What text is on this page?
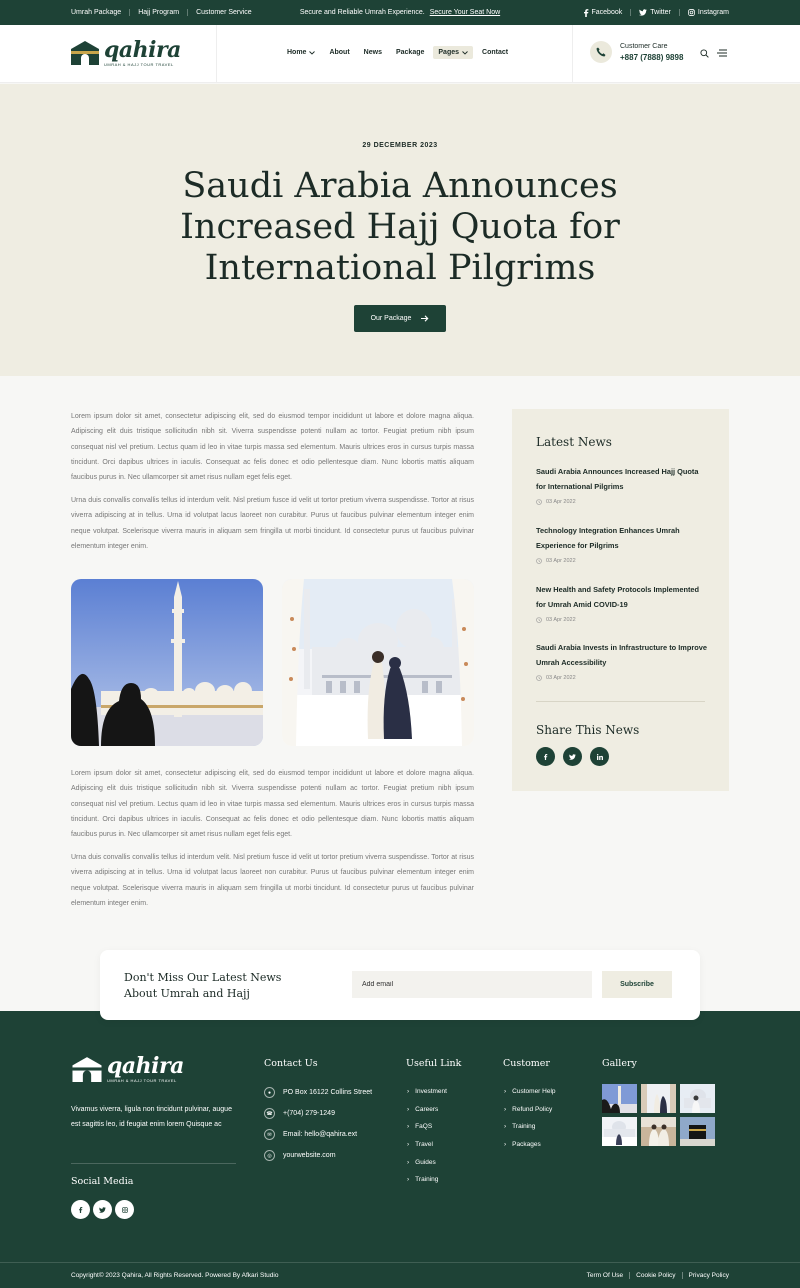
Umrah Package	Hajj Program	Customer Service	Secure and Reliable Umrah Experience. Secure Your Seat Now	Facebook	Twitter	Instagram
qahira
UMRAH & HAJJ TOUR TRAVEL
Home	About	News	Package	Pages	Contact
Customer Care
+887 (7888) 9898
29 DECEMBER 2023
Saudi Arabia Announces Increased Hajj Quota for International Pilgrims
Our Package

Lorem ipsum dolor sit amet, consectetur adipiscing elit, sed do eiusmod tempor incididunt ut labore et dolore magna aliqua. Adipiscing elit duis tristique sollicitudin nibh sit. Viverra suspendisse potenti nullam ac tortor. Feugiat pretium nibh ipsum consequat nisl vel pretium. Lectus quam id leo in vitae turpis massa sed elementum. Mauris ultrices eros in cursus turpis massa tincidunt. Orci dapibus ultrices in iaculis. Consequat ac felis donec et odio pellentesque diam. Nunc lobortis mattis aliquam faucibus purus in. Nec ullamcorper sit amet risus nullam eget felis eget.

Urna duis convallis convallis tellus id interdum velit. Nisl pretium fusce id velit ut tortor pretium viverra suspendisse. Tortor at risus viverra adipiscing at in tellus. Urna id volutpat lacus laoreet non curabitur. Purus ut faucibus pulvinar elementum integer enim neque volutpat. Scelerisque viverra mauris in aliquam sem fringilla ut morbi tincidunt. Id consectetur purus ut faucibus pulvinar elementum integer enim.

Lorem ipsum dolor sit amet, consectetur adipiscing elit, sed do eiusmod tempor incididunt ut labore et dolore magna aliqua. Adipiscing elit duis tristique sollicitudin nibh sit. Viverra suspendisse potenti nullam ac tortor. Feugiat pretium nibh ipsum consequat nisl vel pretium. Lectus quam id leo in vitae turpis massa sed elementum. Mauris ultrices eros in cursus turpis massa tincidunt. Orci dapibus ultrices in iaculis. Consequat ac felis donec et odio pellentesque diam. Nunc lobortis mattis aliquam faucibus purus in. Nec ullamcorper sit amet risus nullam eget felis eget.

Urna duis convallis convallis tellus id interdum velit. Nisl pretium fusce id velit ut tortor pretium viverra suspendisse. Tortor at risus viverra adipiscing at in tellus. Urna id volutpat lacus laoreet non curabitur. Purus ut faucibus pulvinar elementum integer enim neque volutpat. Scelerisque viverra mauris in aliquam sem fringilla ut morbi tincidunt. Id consectetur purus ut faucibus pulvinar elementum integer enim.

Latest News
Saudi Arabia Announces Increased Hajj Quota for International Pilgrims
03 Apr 2022
Technology Integration Enhances Umrah Experience for Pilgrims
03 Apr 2022
New Health and Safety Protocols Implemented for Umrah Amid COVID-19
03 Apr 2022
Saudi Arabia Invests in Infrastructure to Improve Umrah Accessibility
03 Apr 2022
Share This News
Don't Miss Our Latest News About Umrah and Hajj
Add email
Subscribe
qahira
UMRAH & HAJJ TOUR TRAVEL

Vivamus viverra, ligula non tincidunt pulvinar, augue est sagittis leo, id feugiat enim lorem Quisque ac

Social Media
Contact Us
●	PO Box 16122 Collins Street
☎	+(704) 279-1249
✉	Email: hello@qahira.ext
◎	yourwebsite.com
Useful Link
› Investment
› Careers
› FaQS
› Travel
› Guides
› Training
Customer
› Customer Help
› Refund Policy
› Training
› Packages
Gallery
Copyright© 2023 Qahira, All Rights Reserved. Powered By Afkari Studio	Term Of Use	Cookie Policy	Privacy Policy
